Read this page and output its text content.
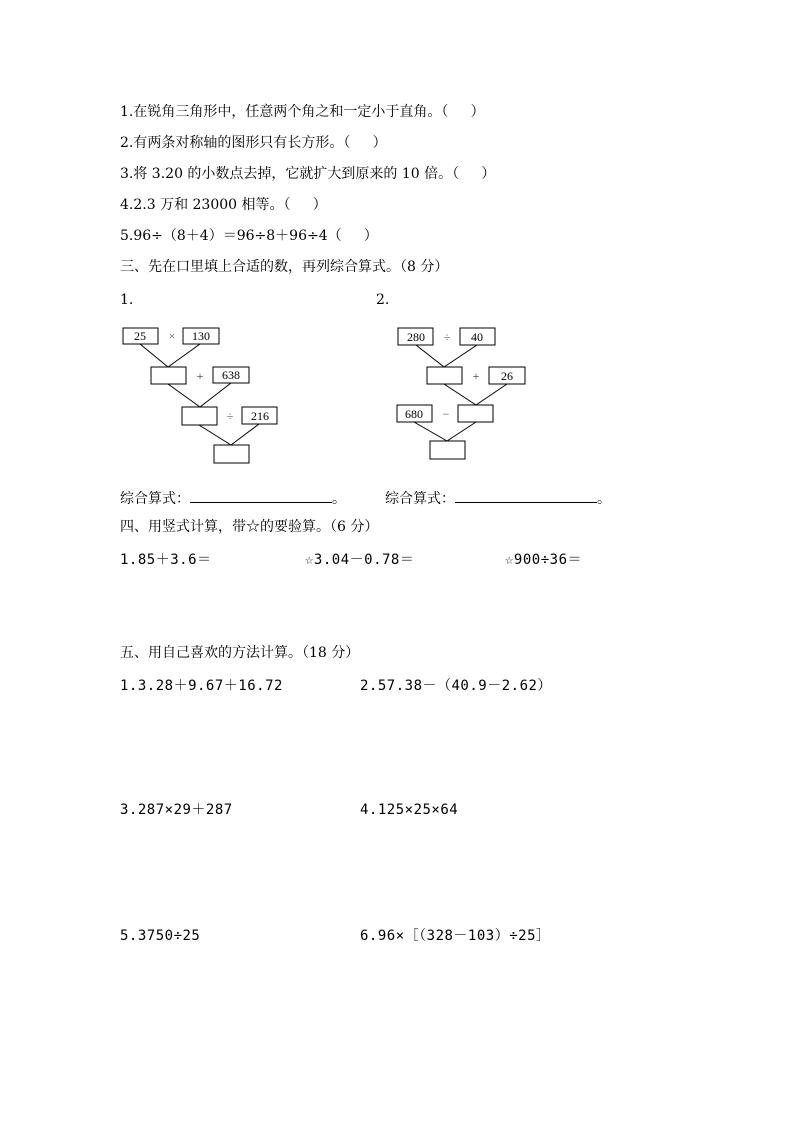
1.在锐角三角形中，任意两个角之和一定小于直角。（     ）
2.有两条对称轴的图形只有长方形。（     ）
3.将 3.20 的小数点去掉，它就扩大到原来的 10 倍。（     ）
4.2.3 万和 23000 相等。（     ）
5.96÷（8＋4）＝96÷8＋96÷4（     ）
三、先在口里填上合适的数，再列综合算式。（8 分）
1.	2.
25 × 130
+ 638
÷ 216
280 ÷ 40
+ 26
680 −
综合算式：	。	综合算式：	。
四、用竖式计算，带☆的要验算。（6 分）
1.85＋3.6＝	☆3.04－0.78＝	☆900÷36＝
五、用自己喜欢的方法计算。（18 分）
1.3.28＋9.67＋16.72	2.57.38－（40.9－2.62）
3.287×29＋287	4.125×25×64
5.3750÷25	6.96×［（328－103）÷25］
